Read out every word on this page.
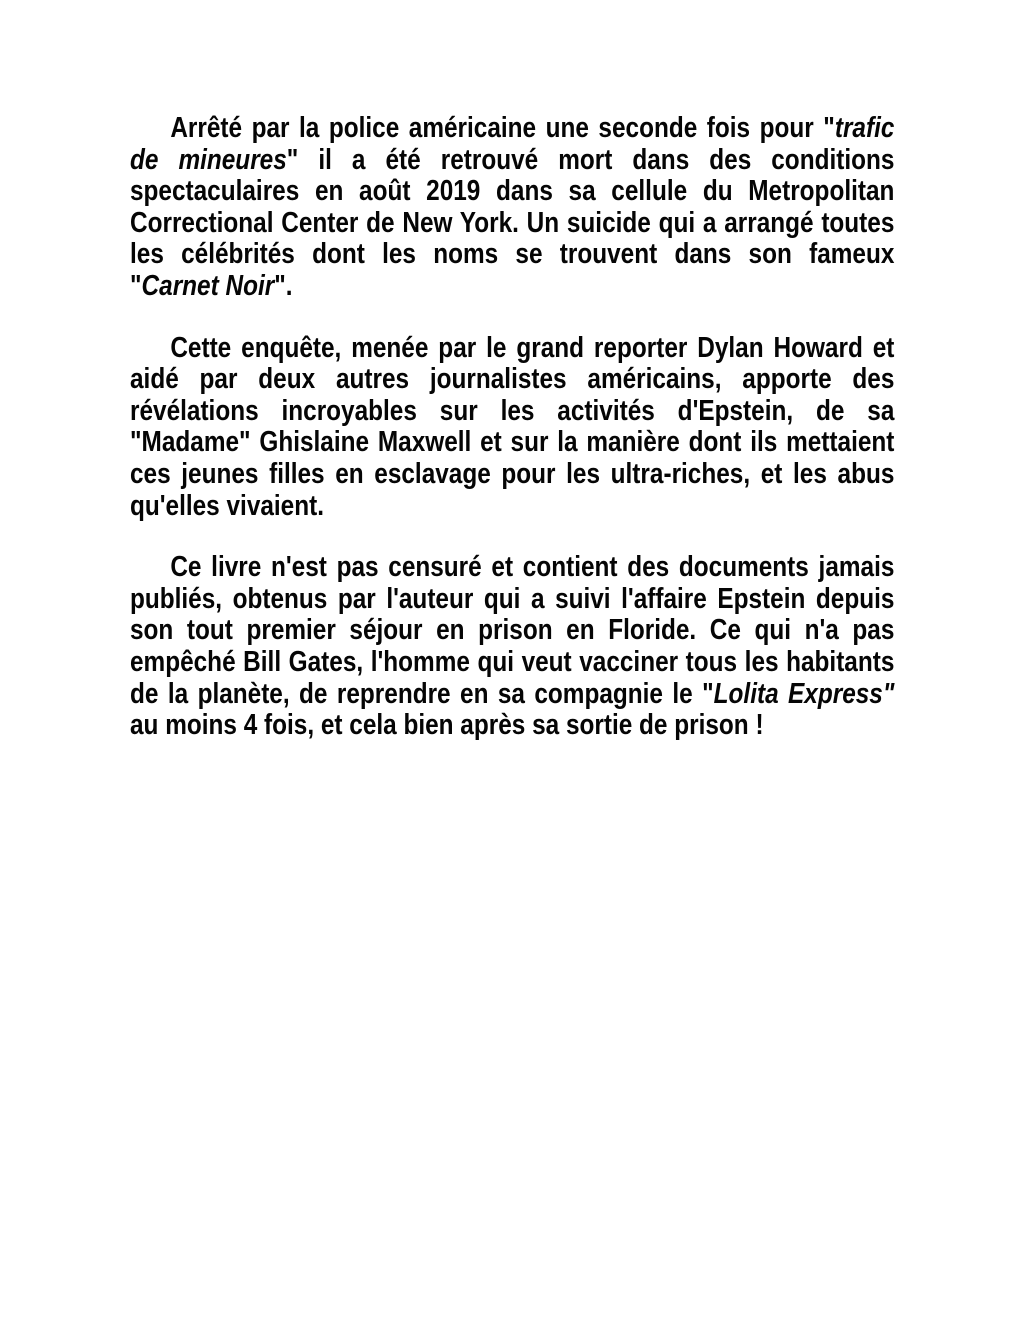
Arrêté par la police américaine une seconde fois pour "trafic de mineures" il a été retrouvé mort dans des conditions spectaculaires en août 2019 dans sa cellule du Metropolitan Correctional Center de New York. Un suicide qui a arrangé toutes les célébrités dont les noms se trouvent dans son fameux "Carnet Noir".

Cette enquête, menée par le grand reporter Dylan Howard et aidé par deux autres journalistes américains, apporte des révélations incroyables sur les activités d'Epstein, de sa "Madame" Ghislaine Maxwell et sur la manière dont ils mettaient ces jeunes filles en esclavage pour les ultra-riches, et les abus qu'elles vivaient.

Ce livre n'est pas censuré et contient des documents jamais publiés, obtenus par l'auteur qui a suivi l'affaire Epstein depuis son tout premier séjour en prison en Floride. Ce qui n'a pas empêché Bill Gates, l'homme qui veut vacciner tous les habitants de la planète, de reprendre en sa compagnie le "Lolita Express" au moins 4 fois, et cela bien après sa sortie de prison !
